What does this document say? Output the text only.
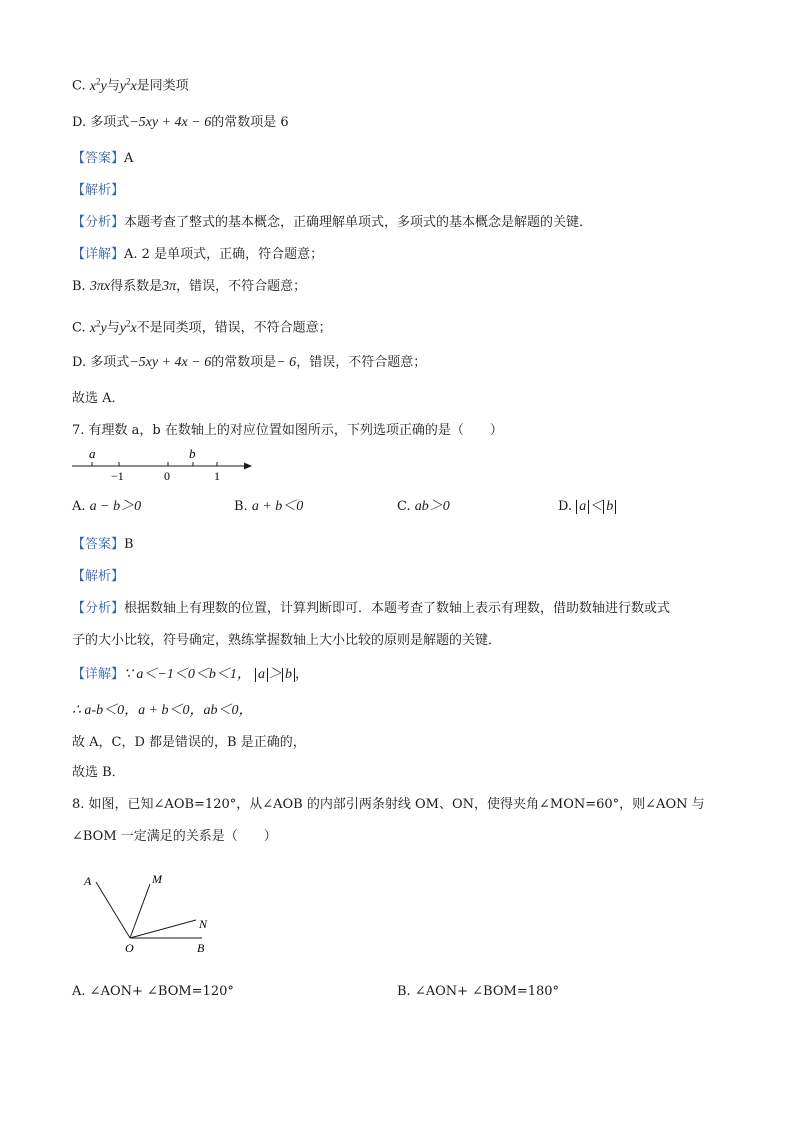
C. $x^2y$与$y^2x$是同类项
D. 多项式−5xy + 4x − 6的常数项是 6
【答案】A
【解析】
【分析】本题考查了整式的基本概念，正确理解单项式，多项式的基本概念是解题的关键．
【详解】A. 2 是单项式，正确，符合题意；
B. 3πx得系数是3π，错误，不符合题意；
C. $x^2y$与$y^2x$不是同类项，错误，不符合题意；
D. 多项式−5xy + 4x − 6的常数项是− 6，错误，不符合题意；
故选 A．
7. 有理数 a，b 在数轴上的对应位置如图所示，下列选项正确的是（　　）
a	b
−1	0	1
A. a − b＞0	B. a + b＜0	C. ab＞0	D. a ＜ b
【答案】B
【解析】
【分析】根据数轴上有理数的位置，计算判断即可．本题考查了数轴上表示有理数，借助数轴进行数或式
子的大小比较，符号确定，熟练掌握数轴上大小比较的原则是解题的关键．
【详解】∵ a＜−1＜0＜b＜1， a ＞ b ，
∴ a-b＜0，a + b＜0，ab＜0，
故 A，C，D 都是错误的，B 是正确的，
故选 B．
8. 如图，已知∠AOB=120°，从∠AOB 的内部引两条射线 OM、ON，使得夹角∠MON=60°，则∠AON 与
∠BOM 一定满足的关系是（　　）
A	M
N
O	B
A. ∠AON+ ∠BOM=120°	B. ∠AON+ ∠BOM=180°
